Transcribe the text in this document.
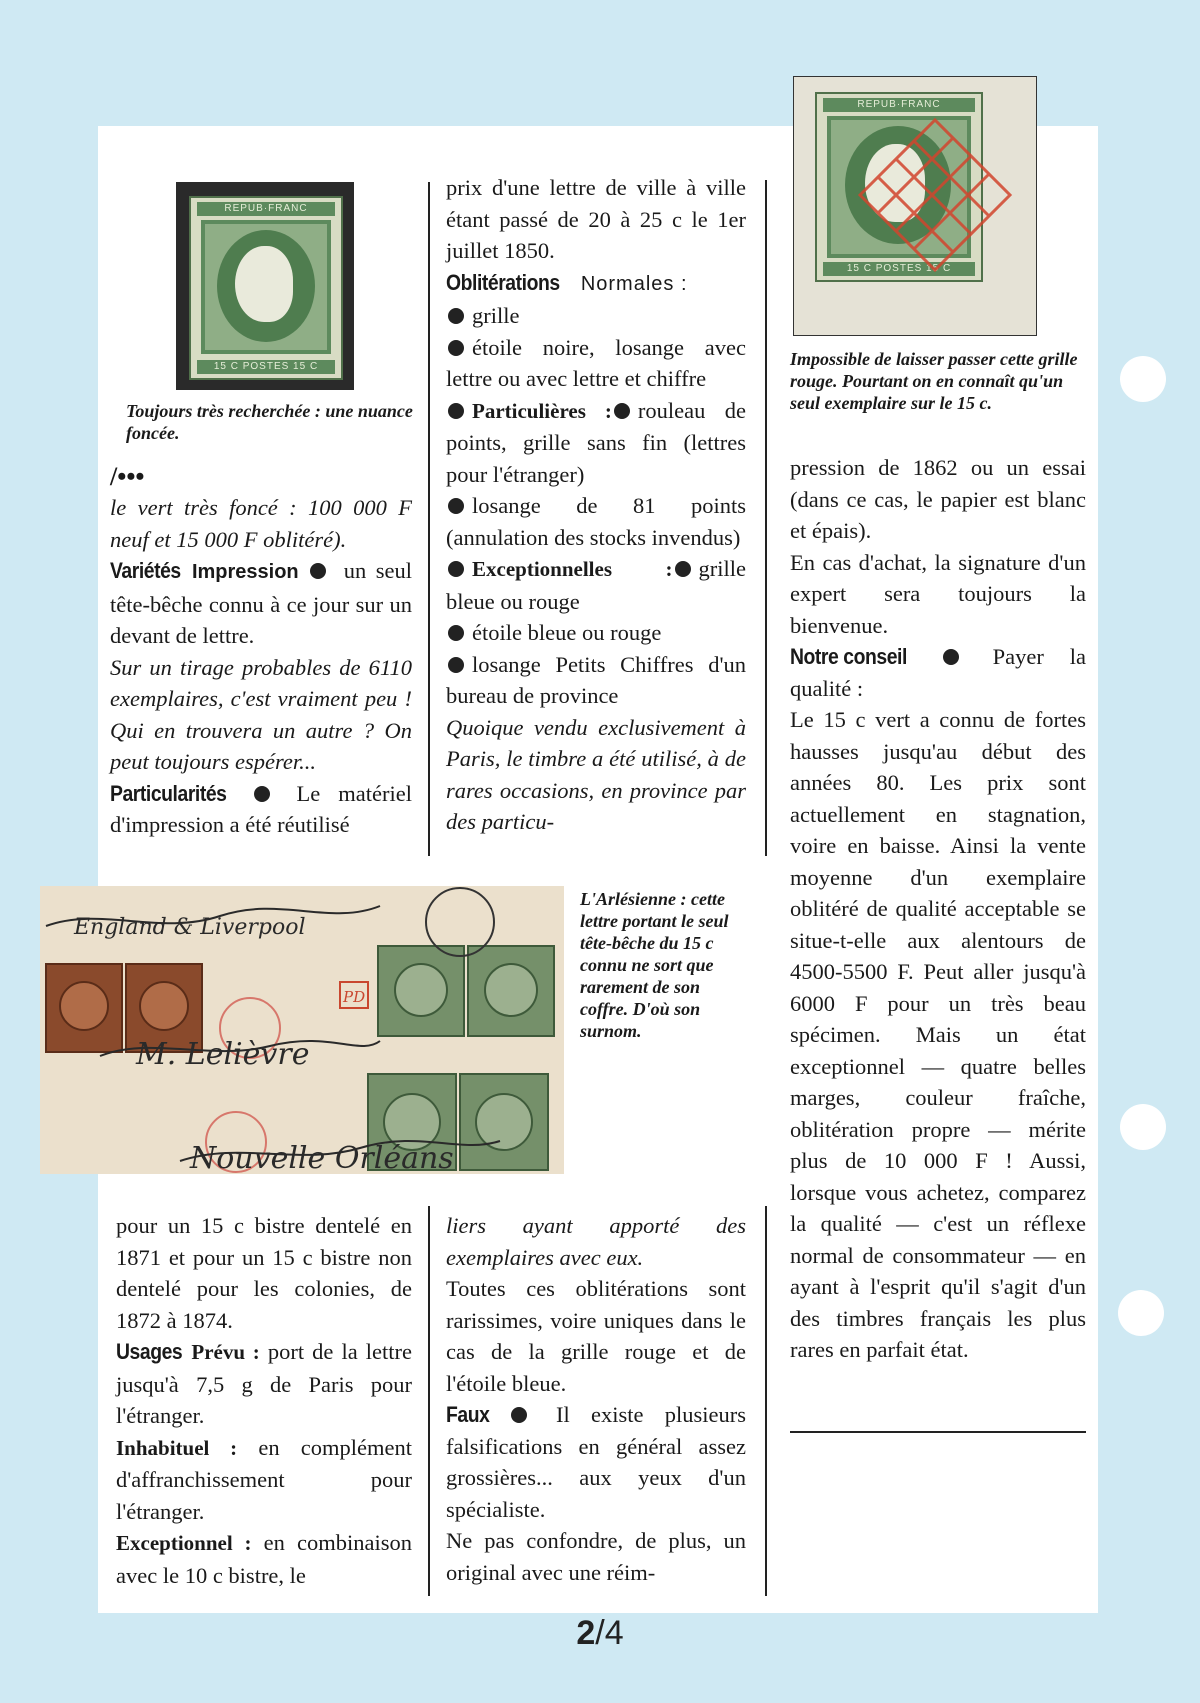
REPUB·FRANC
15 C POSTES 15 C
Toujours très recherchée : une nuance foncée.
REPUB·FRANC
15 C POSTES 15 C
Impossible de laisser passer cette grille rouge. Pourtant on en connaît qu'un seul exemplaire sur le 15 c.
England & Liverpool
M. Lelièvre
Nouvelle Orléans
PD
L'Arlésienne : cette lettre portant le seul tête-bêche du 15 c connu ne sort que rarement de son coffre. D'où son surnom.

/•••

le vert très foncé : 100 000 F neuf et 15 000 F oblitéré).

Variétés Impression un seul tête-bêche connu à ce jour sur un devant de lettre.

Sur un tirage probables de 6110 exemplaires, c'est vraiment peu ! Qui en trouvera un autre ? On peut toujours espérer...

Particularités	Le matériel d'impression a été réutilisé

prix d'une lettre de ville à ville étant passé de 20 à 25 c le 1er juillet 1850.

Oblitérations Normales :

grille

étoile noire, losange avec lettre ou avec lettre et chiffre

Particulières : rouleau de points, grille sans fin (lettres pour l'étranger)

losange de 81 points (annulation des stocks invendus)

Exceptionnelles : grille bleue ou rouge

étoile bleue ou rouge

losange Petits Chiffres d'un bureau de province

Quoique vendu exclusivement à Paris, le timbre a été utilisé, à de rares occasions, en province par des particu-

pression de 1862 ou un essai (dans ce cas, le papier est blanc et épais).

En cas d'achat, la signature d'un expert sera toujours la bienvenue.

Notre conseil	Payer la qualité :

Le 15 c vert a connu de fortes hausses jusqu'au début des années 80. Les prix sont actuellement en stagnation, voire en baisse. Ainsi la vente moyenne d'un exemplaire oblitéré de qualité acceptable se situe-t-elle aux alentours de 4500-5500 F. Peut aller jusqu'à 6000 F pour un très beau spécimen. Mais un état exceptionnel — quatre belles marges, couleur fraîche, oblitération propre — mérite plus de 10 000 F ! Aussi, lorsque vous achetez, comparez la qualité — c'est un réflexe normal de consommateur — en ayant à l'esprit qu'il s'agit d'un des timbres français les plus rares en parfait état.

pour un 15 c bistre dentelé en 1871 et pour un 15 c bistre non dentelé pour les colonies, de 1872 à 1874.

Usages Prévu : port de la lettre jusqu'à 7,5 g de Paris pour l'étranger.

Inhabituel : en complément d'affranchissement pour l'étranger.

Exceptionnel : en combinaison avec le 10 c bistre, le

liers ayant apporté des exemplaires avec eux.

Toutes ces oblitérations sont rarissimes, voire uniques dans le cas de la grille rouge et de l'étoile bleue.

Faux	Il existe plusieurs falsifications en général assez grossières... aux yeux d'un spécialiste.

Ne pas confondre, de plus, un original avec une réim-

2/4
